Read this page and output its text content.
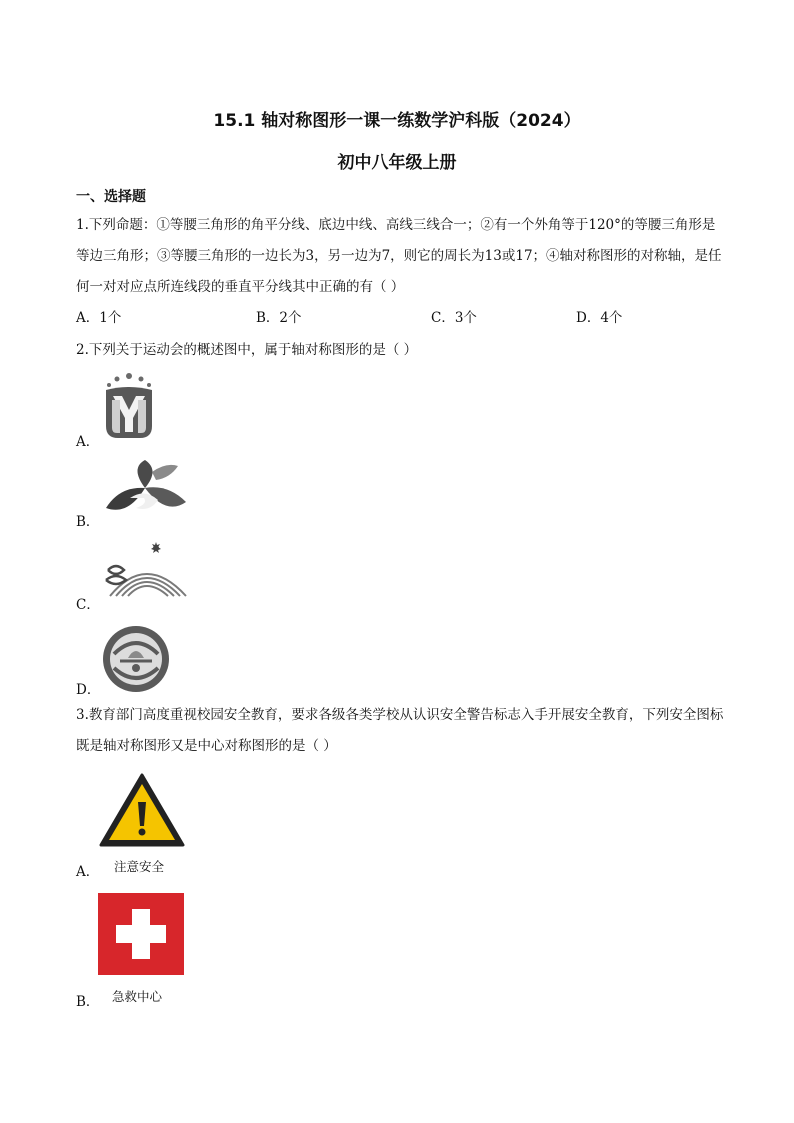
15.1 轴对称图形一课一练数学沪科版（2024）
初中八年级上册
一、选择题
1.下列命题：①等腰三角形的角平分线、底边中线、高线三线合一；②有一个外角等于120°的等腰三角形是等边三角形；③等腰三角形的一边长为3，另一边为7，则它的周长为13或17；④轴对称图形的对称轴，是任何一对对应点所连线段的垂直平分线其中正确的有（ ）
A．1个	B．2个	C．3个	D．4个
2.下列关于运动会的概述图中，属于轴对称图形的是（ ）
A．
B．
C．
D．
3.教育部门高度重视校园安全教育，要求各级各类学校从认识安全警告标志入手开展安全教育，下列安全图标既是轴对称图形又是中心对称图形的是（ ）
A． 注意安全
B． 急救中心
